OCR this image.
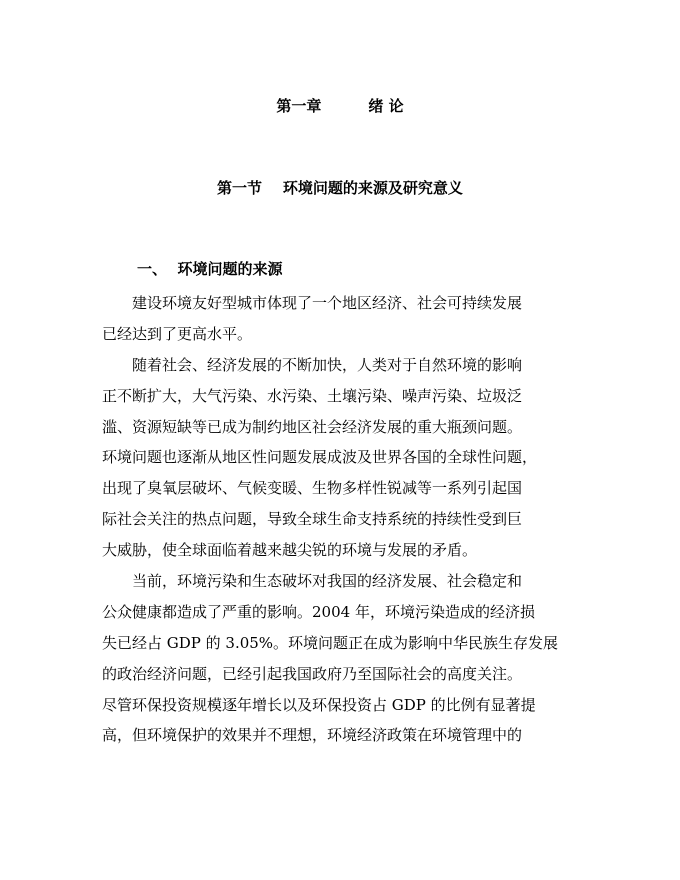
第一章         绪 论
第一节    环境问题的来源及研究意义
一、  环境问题的来源
建设环境友好型城市体现了一个地区经济、社会可持续发展
已经达到了更高水平。
随着社会、经济发展的不断加快，人类对于自然环境的影响
正不断扩大，大气污染、水污染、土壤污染、噪声污染、垃圾泛
滥、资源短缺等已成为制约地区社会经济发展的重大瓶颈问题。
环境问题也逐渐从地区性问题发展成波及世界各国的全球性问题，
出现了臭氧层破坏、气候变暖、生物多样性锐减等一系列引起国
际社会关注的热点问题，导致全球生命支持系统的持续性受到巨
大威胁，使全球面临着越来越尖锐的环境与发展的矛盾。
当前，环境污染和生态破坏对我国的经济发展、社会稳定和
公众健康都造成了严重的影响。2004 年，环境污染造成的经济损
失已经占 GDP 的 3.05%。环境问题正在成为影响中华民族生存发展
的政治经济问题，已经引起我国政府乃至国际社会的高度关注。
尽管环保投资规模逐年增长以及环保投资占 GDP 的比例有显著提
高，但环境保护的效果并不理想，环境经济政策在环境管理中的
